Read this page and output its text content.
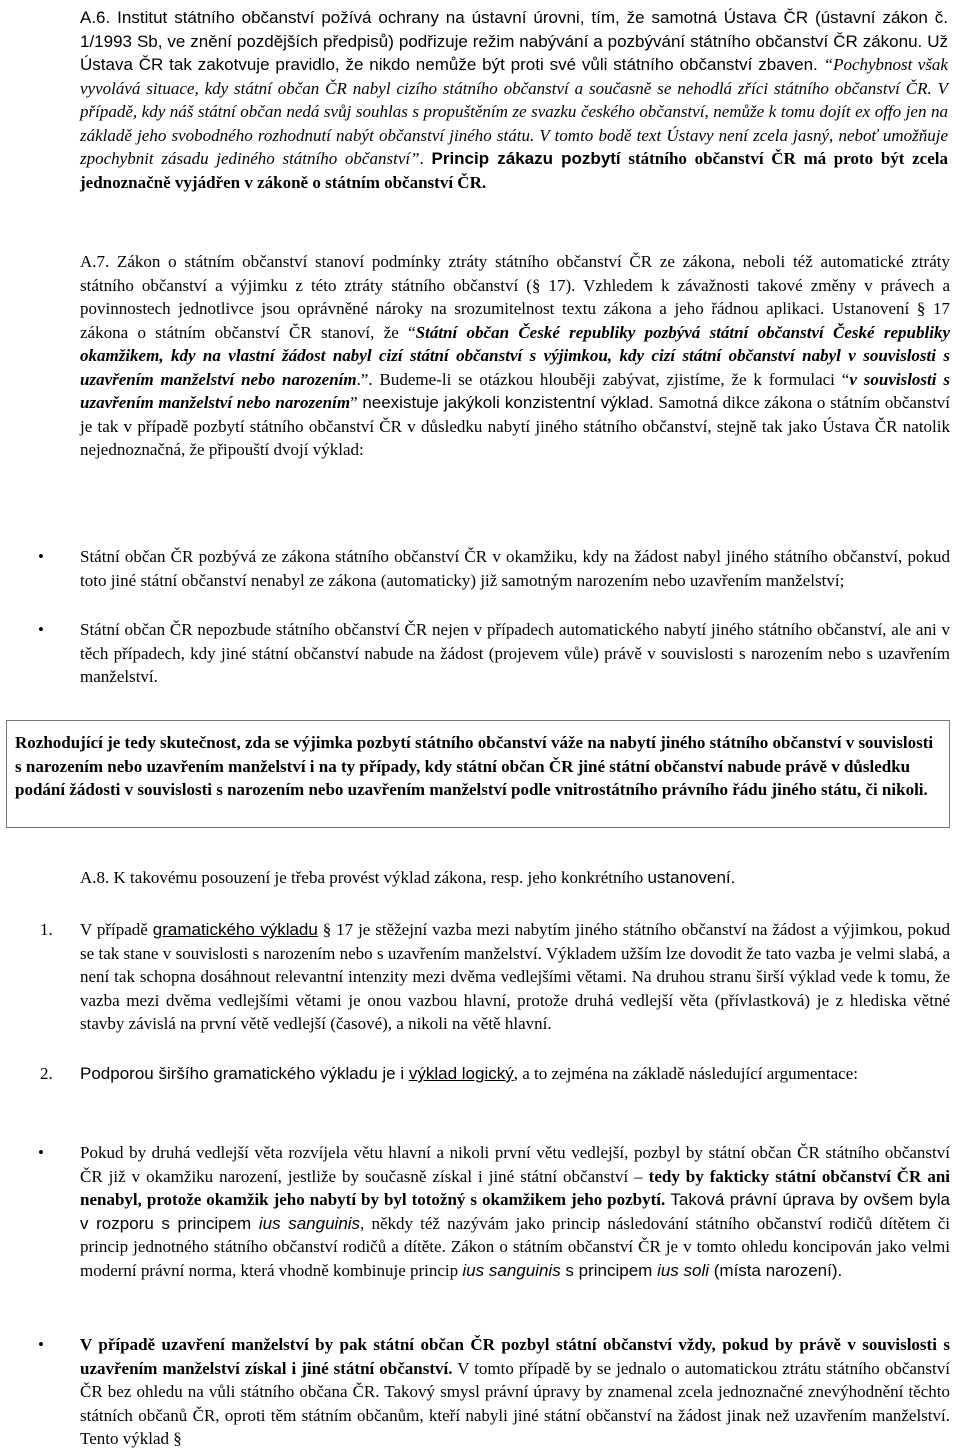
A.6. Institut státního občanství požívá ochrany na ústavní úrovni, tím, že samotná Ústava ČR (ústavní zákon č. 1/1993 Sb, ve znění pozdějších předpisů) podřizuje režim nabývání a pozbývání státního občanství ČR zákonu. Už Ústava ČR tak zakotvuje pravidlo, že nikdo nemůže být proti své vůli státního občanství zbaven. “Pochybnost však vyvolává situace, kdy státní občan ČR nabyl cizího státního občanství a současně se nehodlá zříci státního občanství ČR. V případě, kdy náš státní občan nedá svůj souhlas s propuštěním ze svazku českého občanství, nemůže k tomu dojít ex offo jen na základě jeho svobodného rozhodnutí nabýt občanství jiného státu. V tomto bodě text Ústavy není zcela jasný, neboť umožňuje zpochybnit zásadu jediného státního občanství”. Princip zákazu pozbytí státního občanství ČR má proto být zcela jednoznačně vyjádřen v zákoně o státním občanství ČR.

A.7. Zákon o státním občanství stanoví podmínky ztráty státního občanství ČR ze zákona, neboli též automatické ztráty státního občanství a výjimku z této ztráty státního občanství (§ 17). Vzhledem k závažnosti takové změny v právech a povinnostech jednotlivce jsou oprávněné nároky na srozumitelnost textu zákona a jeho řádnou aplikaci. Ustanovení § 17 zákona o státním občanství ČR stanoví, že “Státní občan České republiky pozbývá státní občanství České republiky okamžikem, kdy na vlastní žádost nabyl cizí státní občanství s výjimkou, kdy cizí státní občanství nabyl v souvislosti s uzavřením manželství nebo narozením.”. Budeme-li se otázkou hlouběji zabývat, zjistíme, že k formulaci “v souvislosti s uzavřením manželství nebo narozením” neexistuje jakýkoli konzistentní výklad. Samotná dikce zákona o státním občanství je tak v případě pozbytí státního občanství ČR v důsledku nabytí jiného státního občanství, stejně tak jako Ústava ČR natolik nejednoznačná, že připouští dvojí výklad:

• Státní občan ČR pozbývá ze zákona státního občanství ČR v okamžiku, kdy na žádost nabyl jiného státního občanství, pokud toto jiné státní občanství nenabyl ze zákona (automaticky) již samotným narozením nebo uzavřením manželství;

• Státní občan ČR nepozbude státního občanství ČR nejen v případech automatického nabytí jiného státního občanství, ale ani v těch případech, kdy jiné státní občanství nabude na žádost (projevem vůle) právě v souvislosti s narozením nebo s uzavřením manželství.

Rozhodující je tedy skutečnost, zda se výjimka pozbytí státního občanství váže na nabytí jiného státního občanství v souvislosti s narozením nebo uzavřením manželství i na ty případy, kdy státní občan ČR jiné státní občanství nabude právě v důsledku podání žádosti v souvislosti s narozením nebo uzavřením manželství podle vnitrostátního právního řádu jiného státu, či nikoli.

A.8. K takovému posouzení je třeba provést výklad zákona, resp. jeho konkrétního ustanovení.

1. V případě gramatického výkladu § 17 je stěžejní vazba mezi nabytím jiného státního občanství na žádost a výjimkou, pokud se tak stane v souvislosti s narozením nebo s uzavřením manželství. Výkladem užším lze dovodit že tato vazba je velmi slabá, a není tak schopna dosáhnout relevantní intenzity mezi dvěma vedlejšími větami. Na druhou stranu širší výklad vede k tomu, že vazba mezi dvěma vedlejšími větami je onou vazbou hlavní, protože druhá vedlejší věta (přívlastková) je z hlediska větné stavby závislá na první větě vedlejší (časové), a nikoli na větě hlavní.

2. Podporou širšího gramatického výkladu je i výklad logický, a to zejména na základě následující argumentace:

• Pokud by druhá vedlejší věta rozvíjela větu hlavní a nikoli první větu vedlejší, pozbyl by státní občan ČR státního občanství ČR již v okamžiku narození, jestliže by současně získal i jiné státní občanství – tedy by fakticky státní občanství ČR ani nenabyl, protože okamžik jeho nabytí by byl totožný s okamžikem jeho pozbytí. Taková právní úprava by ovšem byla v rozporu s principem ius sanguinis, někdy též nazývám jako princip následování státního občanství rodičů dítětem či princip jednotného státního občanství rodičů a dítěte. Zákon o státním občanství ČR je v tomto ohledu koncipován jako velmi moderní právní norma, která vhodně kombinuje princip ius sanguinis s principem ius soli (místa narození).

• V případě uzavření manželství by pak státní občan ČR pozbyl státní občanství vždy, pokud by právě v souvislosti s uzavřením manželství získal i jiné státní občanství. V tomto případě by se jednalo o automatickou ztrátu státního občanství ČR bez ohledu na vůli státního občana ČR. Takový smysl právní úpravy by znamenal zcela jednoznačné znevýhodnění těchto státních občanů ČR, oproti těm státním občanům, kteří nabyli jiné státní občanství na žádost jinak než uzavřením manželství. Tento výklad §
